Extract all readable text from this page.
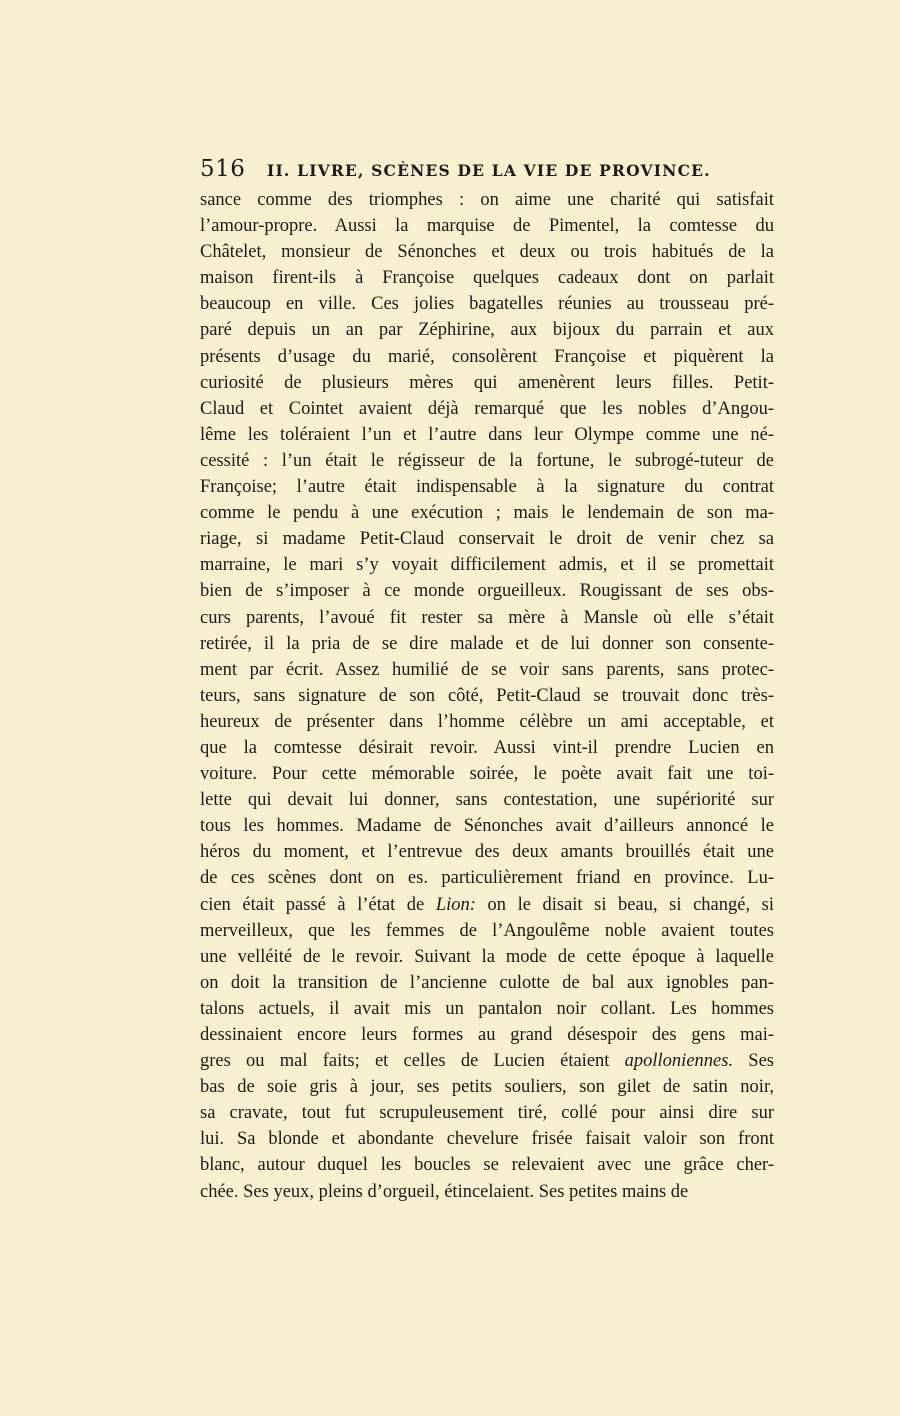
516 II. LIVRE, SCÈNES DE LA VIE DE PROVINCE.
sance comme des triomphes : on aime une charité qui satisfait
l’amour-propre. Aussi la marquise de Pimentel, la comtesse du
Châtelet, monsieur de Sénonches et deux ou trois habitués de la
maison firent-ils à Françoise quelques cadeaux dont on parlait
beaucoup en ville. Ces jolies bagatelles réunies au trousseau pré-
paré depuis un an par Zéphirine, aux bijoux du parrain et aux
présents d’usage du marié, consolèrent Françoise et piquèrent la
curiosité de plusieurs mères qui amenèrent leurs filles. Petit-
Claud et Cointet avaient déjà remarqué que les nobles d’Angou-
lême les toléraient l’un et l’autre dans leur Olympe comme une né-
cessité : l’un était le régisseur de la fortune, le subrogé-tuteur de
Françoise; l’autre était indispensable à la signature du contrat
comme le pendu à une exécution ; mais le lendemain de son ma-
riage, si madame Petit-Claud conservait le droit de venir chez sa
marraine, le mari s’y voyait difficilement admis, et il se promettait
bien de s’imposer à ce monde orgueilleux. Rougissant de ses obs-
curs parents, l’avoué fit rester sa mère à Mansle où elle s’était
retirée, il la pria de se dire malade et de lui donner son consente-
ment par écrit. Assez humilié de se voir sans parents, sans protec-
teurs, sans signature de son côté, Petit-Claud se trouvait donc très-
heureux de présenter dans l’homme célèbre un ami acceptable, et
que la comtesse désirait revoir. Aussi vint-il prendre Lucien en
voiture. Pour cette mémorable soirée, le poète avait fait une toi-
lette qui devait lui donner, sans contestation, une supériorité sur
tous les hommes. Madame de Sénonches avait d’ailleurs annoncé le
héros du moment, et l’entrevue des deux amants brouillés était une
de ces scènes dont on es. particulièrement friand en province. Lu-
cien était passé à l’état de Lion: on le disait si beau, si changé, si
merveilleux, que les femmes de l’Angoulême noble avaient toutes
une velléité de le revoir. Suivant la mode de cette époque à laquelle
on doit la transition de l’ancienne culotte de bal aux ignobles pan-
talons actuels, il avait mis un pantalon noir collant. Les hommes
dessinaient encore leurs formes au grand désespoir des gens mai-
gres ou mal faits; et celles de Lucien étaient apolloniennes. Ses
bas de soie gris à jour, ses petits souliers, son gilet de satin noir,
sa cravate, tout fut scrupuleusement tiré, collé pour ainsi dire sur
lui. Sa blonde et abondante chevelure frisée faisait valoir son front
blanc, autour duquel les boucles se relevaient avec une grâce cher-
chée. Ses yeux, pleins d’orgueil, étincelaient. Ses petites mains de
